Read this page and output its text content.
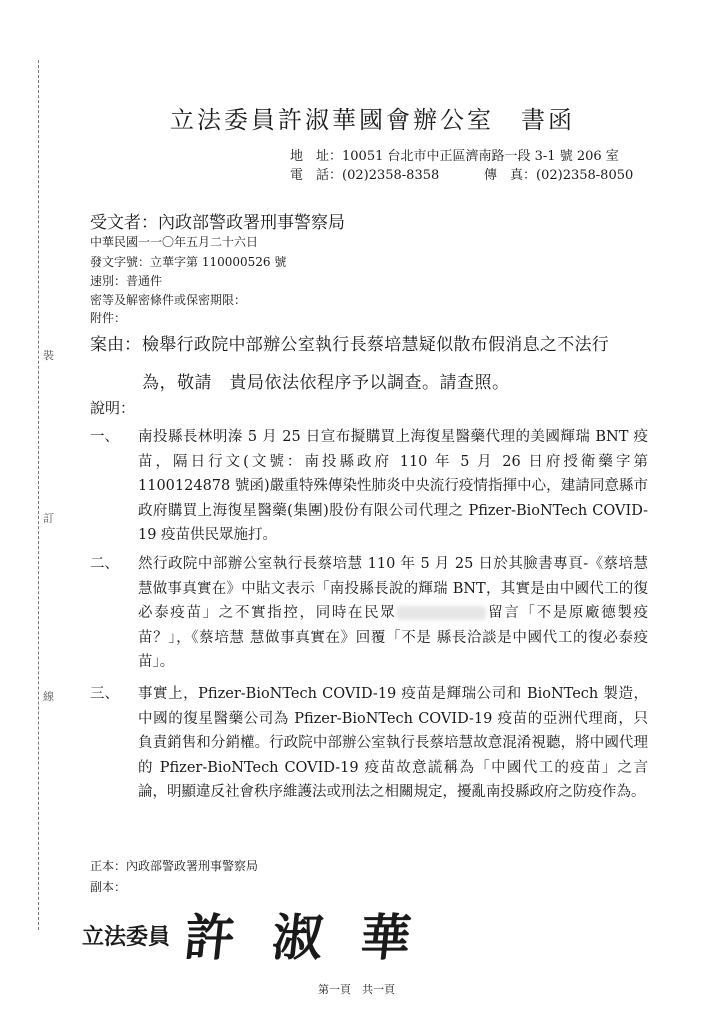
裝
訂
線
立法委員許淑華國會辦公室　書函
地　址：10051 台北市中正區濟南路一段 3-1 號 206 室
電　話：(02)2358-8358	傳　真：(02)2358-8050
受文者：內政部警政署刑事警察局
中華民國一一〇年五月二十六日
發文字號：立華字第 110000526 號
速別：普通件
密等及解密條件或保密期限：
附件：
案由： 檢舉行政院中部辦公室執行長蔡培慧疑似散布假消息之不法行
為，敬請　貴局依法依程序予以調查。請查照。
說明：
一、 南投縣長林明溱 5 月 25 日宣布擬購買上海復星醫藥代理的美國輝瑞 BNT 疫苗，隔日行文(文號：南投縣政府 110 年 5 月 26 日府授衛藥字第 1100124878 號函)嚴重特殊傳染性肺炎中央流行疫情指揮中心，建請同意縣市政府購買上海復星醫藥(集團)股份有限公司代理之 Pfizer-BioNTech COVID-19 疫苗供民眾施打。
二、 然行政院中部辦公室執行長蔡培慧 110 年 5 月 25 日於其臉書專頁-《蔡培慧 慧做事真實在》中貼文表示「南投縣長說的輝瑞 BNT，其實是由中國代工的復必泰疫苗」之不實指控，同時在民眾	留言「不是原廠德製疫苗？」，《蔡培慧 慧做事真實在》回覆「不是 縣長洽談是中國代工的復必泰疫苗」。
三、 事實上，Pfizer-BioNTech COVID-19 疫苗是輝瑞公司和 BioNTech 製造，中國的復星醫藥公司為 Pfizer-BioNTech COVID-19 疫苗的亞洲代理商，只負責銷售和分銷權。行政院中部辦公室執行長蔡培慧故意混淆視聽，將中國代理的 Pfizer-BioNTech COVID-19 疫苗故意謊稱為「中國代工的疫苗」之言論，明顯違反社會秩序維護法或刑法之相關規定，擾亂南投縣政府之防疫作為。
正本：內政部警政署刑事警察局
副本：
立法委員 許淑華
第一頁　共一頁
